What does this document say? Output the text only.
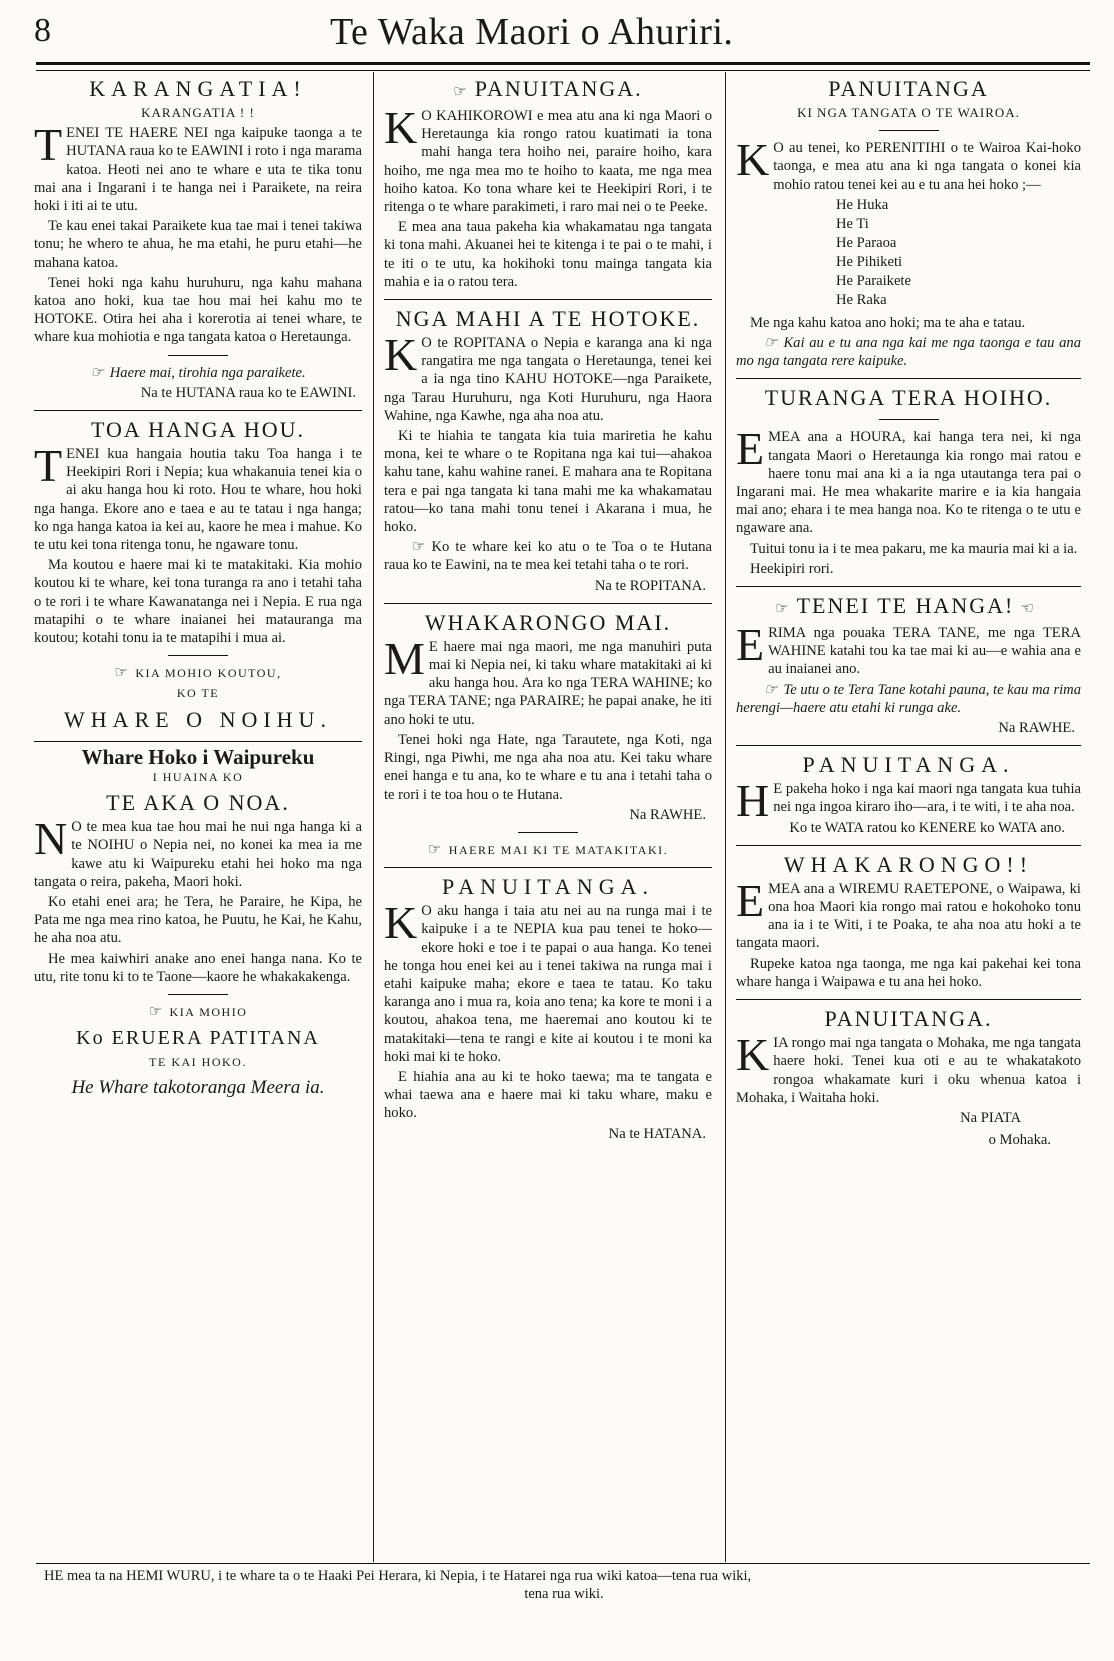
8	Te Waka Maori o Ahuriri.
KARANGATIA!
KARANGATIA ! !

TENEI TE HAERE NEI nga kaipuke taonga a te HUTANA raua ko te EAWINI i roto i nga marama katoa. Heoti nei ano te whare e uta te tika tonu mai ana i Ingarani i te hanga nei i Paraikete, na reira hoki i iti ai te utu.

Te kau enei takai Paraikete kua tae mai i tenei takiwa tonu; he whero te ahua, he ma etahi, he puru etahi—he mahana katoa.

Tenei hoki nga kahu huruhuru, nga kahu mahana katoa ano hoki, kua tae hou mai hei kahu mo te HOTOKE. Otira hei aha i korerotia ai tenei whare, te whare kua mohiotia e nga tangata katoa o Heretaunga.

☞ Haere mai, tirohia nga paraikete.

Na te HUTANA raua ko te EAWINI.
TOA HANGA HOU.

TENEI kua hangaia houtia taku Toa hanga i te Heekipiri Rori i Nepia; kua whakanuia tenei kia o ai aku hanga hou ki roto. Hou te whare, hou hoki nga hanga. Ekore ano e taea e au te tatau i nga hanga; ko nga hanga katoa ia kei au, kaore he mea i mahue. Ko te utu kei tona ritenga tonu, he ngaware tonu.

Ma koutou e haere mai ki te matakitaki. Kia mohio koutou ki te whare, kei tona turanga ra ano i tetahi taha o te rori i te whare Kawanatanga nei i Nepia. E rua nga matapihi o te whare inaianei hei matauranga ma koutou; kotahi tonu ia te matapihi i mua ai.

☞ KIA MOHIO KOUTOU,
KO TE
WHARE O NOIHU.
Whare Hoko i Waipureku
I HUAINA KO
TE AKA O NOA.

N O te mea kua tae hou mai he nui nga hanga ki a te NOIHU o Nepia nei, no konei ka mea ia me kawe atu ki Waipureku etahi hei hoko ma nga tangata o reira, pakeha, Maori hoki.

Ko etahi enei ara; he Tera, he Paraire, he Kipa, he Pata me nga mea rino katoa, he Puutu, he Kai, he Kahu, he aha noa atu.

He mea kaiwhiri anake ano enei hanga nana. Ko te utu, rite tonu ki to te Taone—kaore he whakakakenga.

☞ KIA MOHIO
Ko ERUERA PATITANA
TE KAI HOKO.
He Whare takotoranga Meera ia.
☞ PANUITANGA.

K O KAHIKOROWI e mea atu ana ki nga Maori o Heretaunga kia rongo ratou kuatimati ia tona mahi hanga tera hoiho nei, paraire hoiho, kara hoiho, me nga mea mo te hoiho to kaata, me nga mea hoiho katoa. Ko tona whare kei te Heekipiri Rori, i te ritenga o te whare parakimeti, i raro mai nei o te Peeke.

E mea ana taua pakeha kia whakamatau nga tangata ki tona mahi. Akuanei hei te kitenga i te pai o te mahi, i te iti o te utu, ka hokihoki tonu mainga tangata kia mahia e ia o ratou tera.

NGA MAHI A TE HOTOKE.

K O te ROPITANA o Nepia e karanga ana ki nga rangatira me nga tangata o Heretaunga, tenei kei a ia nga tino KAHU HOTOKE—nga Paraikete, nga Tarau Huruhuru, nga Koti Huruhuru, nga Haora Wahine, nga Kawhe, nga aha noa atu.

Ki te hiahia te tangata kia tuia mariretia he kahu mona, kei te whare o te Ropitana nga kai tui—ahakoa kahu tane, kahu wahine ranei. E mahara ana te Ropitana tera e pai nga tangata ki tana mahi me ka whakamatau ratou—ko tana mahi tonu tenei i Akarana i mua, he hoko.

☞ Ko te whare kei ko atu o te Toa o te Hutana raua ko te Eawini, na te mea kei tetahi taha o te rori.

Na te ROPITANA.
WHAKARONGO MAI.

M E haere mai nga maori, me nga manuhiri puta mai ki Nepia nei, ki taku whare matakitaki ai ki aku hanga hou. Ara ko nga TERA WAHINE; ko nga TERA TANE; nga PARAIRE; he papai anake, he iti ano hoki te utu.

Tenei hoki nga Hate, nga Tarautete, nga Koti, nga Ringi, nga Piwhi, me nga aha noa atu. Kei taku whare enei hanga e tu ana, ko te whare e tu ana i tetahi taha o te rori i te toa hou o te Hutana.

Na RAWHE.
☞ HAERE MAI KI TE MATAKITAKI.
PANUITANGA.

K O aku hanga i taia atu nei au na runga mai i te kaipuke i a te NEPIA kua pau tenei te hoko—ekore hoki e toe i te papai o aua hanga. Ko tenei he tonga hou enei kei au i tenei takiwa na runga mai i etahi kaipuke maha; ekore e taea te tatau. Ko taku karanga ano i mua ra, koia ano tena; ka kore te moni i a koutou, ahakoa tena, me haeremai ano koutou ki te matakitaki—tena te rangi e kite ai koutou i te moni ka hoki mai ki te hoko.

E hiahia ana au ki te hoko taewa; ma te tangata e whai taewa ana e haere mai ki taku whare, maku e hoko.

Na te HATANA.
PANUITANGA
KI NGA TANGATA O TE WAIROA.

K O au tenei, ko PERENITIHI o te Wairoa Kai-hoko taonga, e mea atu ana ki nga tangata o konei kia mohio ratou tenei kei au e tu ana hei hoko ;—

He Huka
He Ti
He Paraoa
He Pihiketi
He Paraikete
He Raka

Me nga kahu katoa ano hoki; ma te aha e tatau.

☞ Kai au e tu ana nga kai me nga taonga e tau ana mo nga tangata rere kaipuke.

TURANGA TERA HOIHO.

EMEA ana a HOURA, kai hanga tera nei, ki nga tangata Maori o Heretaunga kia rongo mai ratou e haere tonu mai ana ki a ia nga utautanga tera pai o Ingarani mai. He mea whakarite marire e ia kia hangaia mai ano; ehara i te mea hanga noa. Ko te ritenga o te utu e ngaware ana.

Tuitui tonu ia i te mea pakaru, me ka mauria mai ki a ia.

Heekipiri rori.

☞ TENEI TE HANGA! ☜

ERIMA nga pouaka TERA TANE, me nga TERA WAHINE katahi tou ka tae mai ki au—e wahia ana e au inaianei ano.

☞ Te utu o te Tera Tane kotahi pauna, te kau ma rima herengi—haere atu etahi ki runga ake.

Na RAWHE.
PANUITANGA.

H E pakeha hoko i nga kai maori nga tangata kua tuhia nei nga ingoa kiraro iho—ara, i te witi, i te aha noa.

Ko te WATA ratou ko KENERE ko WATA ano.

WHAKARONGO!!

EMEA ana a WIREMU RAETEPONE, o Waipawa, ki ona hoa Maori kia rongo mai ratou e hokohoko tonu ana ia i te Witi, i te Poaka, te aha noa atu hoki a te tangata maori.

Rupeke katoa nga taonga, me nga kai pakehai kei tona whare hanga i Waipawa e tu ana hei hoko.

PANUITANGA.

KIA rongo mai nga tangata o Mohaka, me nga tangata haere hoki. Tenei kua oti e au te whakatakoto rongoa whakamate kuri i oku whenua katoa i Mohaka, i Waitaha hoki.

Na PIATA
o Mohaka.
HE mea ta na HEMI WURU, i te whare ta o te Haaki Pei Herara, ki Nepia, i te Hatarei nga rua wiki katoa—tena rua wiki,
tena rua wiki.
